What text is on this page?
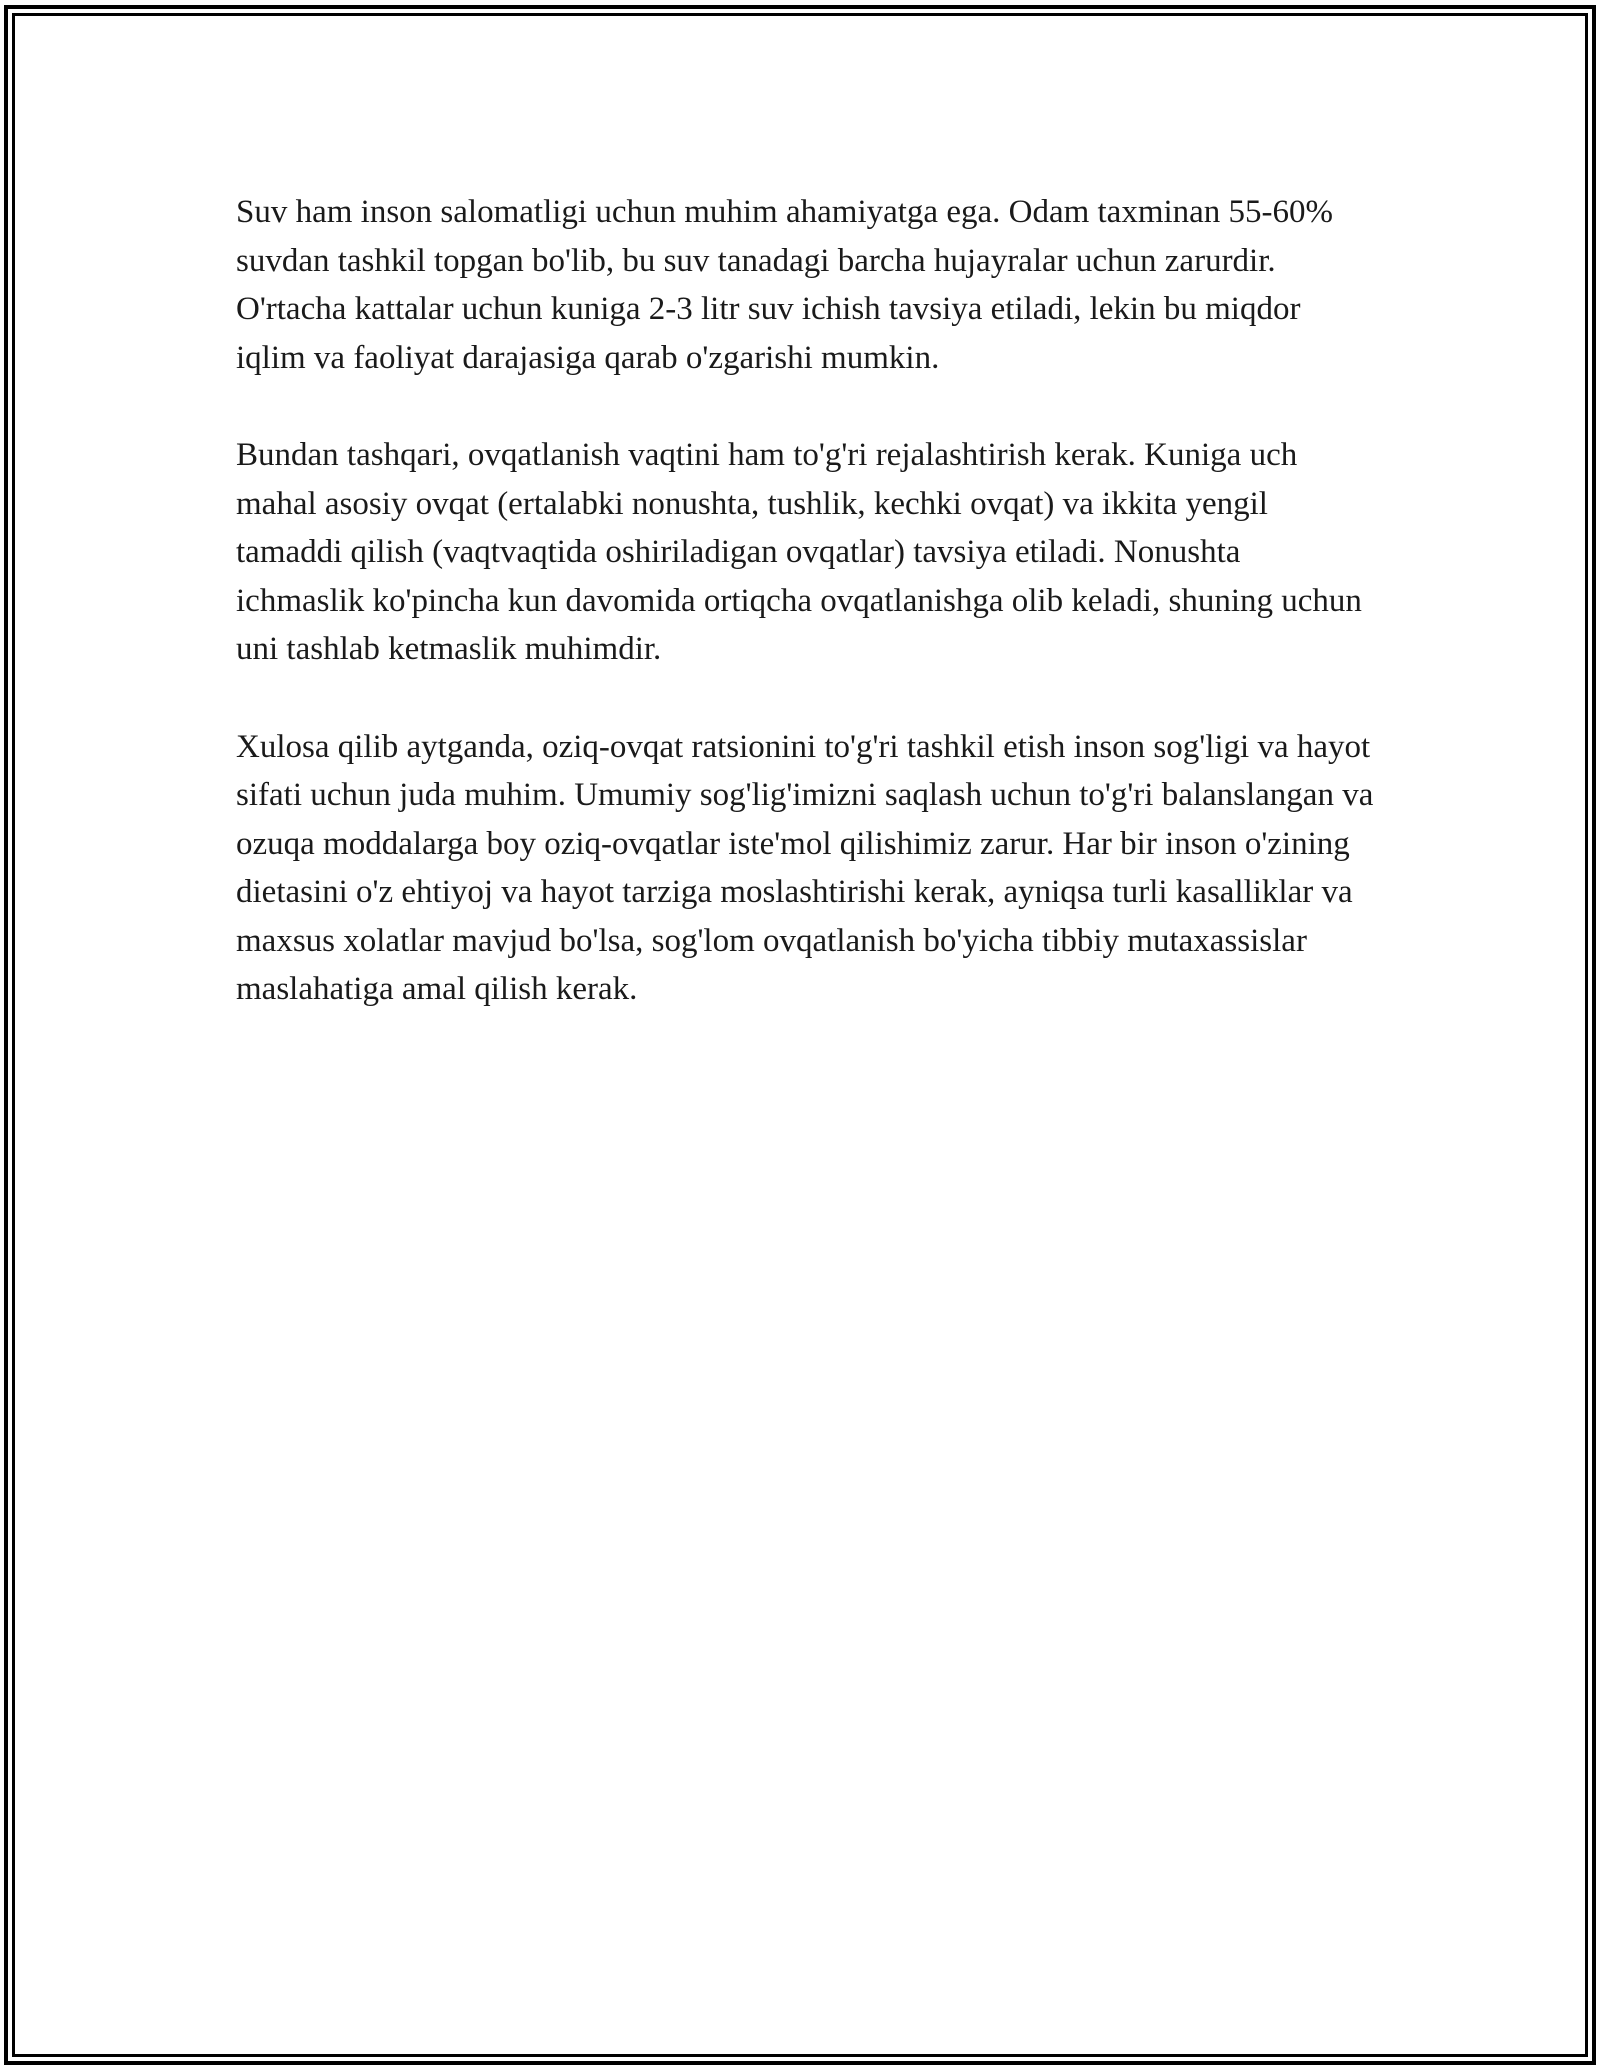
Suv ham inson salomatligi uchun muhim ahamiyatga ega. Odam taxminan 55-60% suvdan tashkil topgan bo'lib, bu suv tanadagi barcha hujayralar uchun zarurdir. O'rtacha kattalar uchun kuniga 2-3 litr suv ichish tavsiya etiladi, lekin bu miqdor iqlim va faoliyat darajasiga qarab o'zgarishi mumkin.

Bundan tashqari, ovqatlanish vaqtini ham to'g'ri rejalashtirish kerak. Kuniga uch mahal asosiy ovqat (ertalabki nonushta, tushlik, kechki ovqat) va ikkita yengil tamaddi qilish (vaqtvaqtida oshiriladigan ovqatlar) tavsiya etiladi. Nonushta ichmaslik ko'pincha kun davomida ortiqcha ovqatlanishga olib keladi, shuning uchun uni tashlab ketmaslik muhimdir.

Xulosa qilib aytganda, oziq-ovqat ratsionini to'g'ri tashkil etish inson sog'ligi va hayot sifati uchun juda muhim. Umumiy sog'lig'imizni saqlash uchun to'g'ri balanslangan va ozuqa moddalarga boy oziq-ovqatlar iste'mol qilishimiz zarur. Har bir inson o'zining dietasini o'z ehtiyoj va hayot tarziga moslashtirishi kerak, ayniqsa turli kasalliklar va maxsus xolatlar mavjud bo'lsa, sog'lom ovqatlanish bo'yicha tibbiy mutaxassislar maslahatiga amal qilish kerak.
